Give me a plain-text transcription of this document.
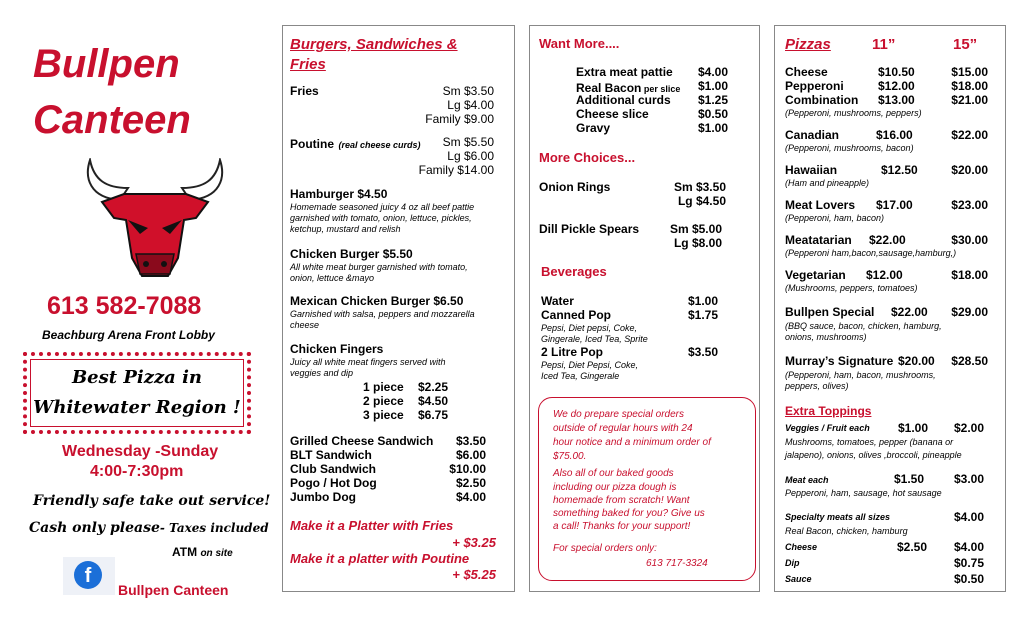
Bullpen
Canteen
613 582-7088
Beachburg Arena Front Lobby
Best Pizza in
Whitewater Region !
Wednesday -Sunday
4:00-7:30pm
Friendly safe take out service!
Cash only please- Taxes included
ATM on site
f
Bullpen Canteen
Burgers, Sandwiches &
Fries
Fries	Sm $3.50
Lg $4.00
Family $9.00
Poutine (real cheese curds)	Sm $5.50
Lg $6.00
Family $14.00
Hamburger $4.50
Homemade seasoned juicy 4 oz all beef pattie
garnished with tomato, onion, lettuce, pickles,
ketchup, mustard and relish
Chicken Burger $5.50
All white meat burger garnished with tomato,
onion, lettuce &mayo
Mexican Chicken Burger $6.50
Garnished with salsa, peppers and mozzarella
cheese
Chicken Fingers
Juicy all white meat fingers served with
veggies and dip
1 piece $2.25
2 piece $4.50
3 piece $6.75
Grilled Cheese Sandwich	$3.50
BLT Sandwich	$6.00
Club Sandwich	$10.00
Pogo / Hot Dog	$2.50
Jumbo Dog	$4.00
Make it a Platter with Fries
+ $3.25
Make it a platter with Poutine
+ $5.25
Want More....
Extra meat pattie	$4.00
Real Bacon per slice	$1.00
Additional curds	$1.25
Cheese slice	$0.50
Gravy	$1.00
More Choices...
Onion Rings	Sm $3.50
Lg $4.50
Dill Pickle Spears	Sm $5.00
Lg $8.00
Beverages
Water	$1.00
Canned Pop	$1.75
Pepsi, Diet pepsi, Coke,
Gingerale, Iced Tea, Sprite
2 Litre Pop	$3.50
Pepsi, Diet Pepsi, Coke,
Iced Tea, Gingerale
We do prepare special orders
outside of regular hours with 24
hour notice and a minimum order of
$75.00.
Also all of our baked goods
including our pizza dough is
homemade from scratch! Want
something baked for you? Give us
a call! Thanks for your support!
For special orders only:
613 717-3324
Pizzas	11”	15”
Cheese	$10.50	$15.00
Pepperoni	$12.00	$18.00
Combination $13.00	$21.00
(Pepperoni, mushrooms, peppers)
Canadian	$16.00	$22.00
(Pepperoni, mushrooms, bacon)
Hawaiian	$12.50	$20.00
(Ham and pineapple)
Meat Lovers $17.00	$23.00
(Pepperoni, ham, bacon)
Meatatarian $22.00	$30.00
(Pepperoni ham,bacon,sausage,hamburg,)
Vegetarian $12.00	$18.00
(Mushrooms, peppers, tomatoes)
Bullpen Special $22.00	$29.00
(BBQ sauce, bacon, chicken, hamburg,
onions, mushrooms)
Murray’s Signature $20.00	$28.50
(Pepperoni, ham, bacon, mushrooms,
peppers, olives)
Extra Toppings
Veggies / Fruit each $1.00	$2.00
Mushrooms, tomatoes, pepper (banana or
jalapeno), onions, olives ,broccoli, pineapple
Meat each	$1.50	$3.00
Pepperoni, ham, sausage, hot sausage
Specialty meats all sizes	$4.00
Real Bacon, chicken, hamburg
Cheese	$2.50	$4.00
Dip	$0.75
Sauce	$0.50
